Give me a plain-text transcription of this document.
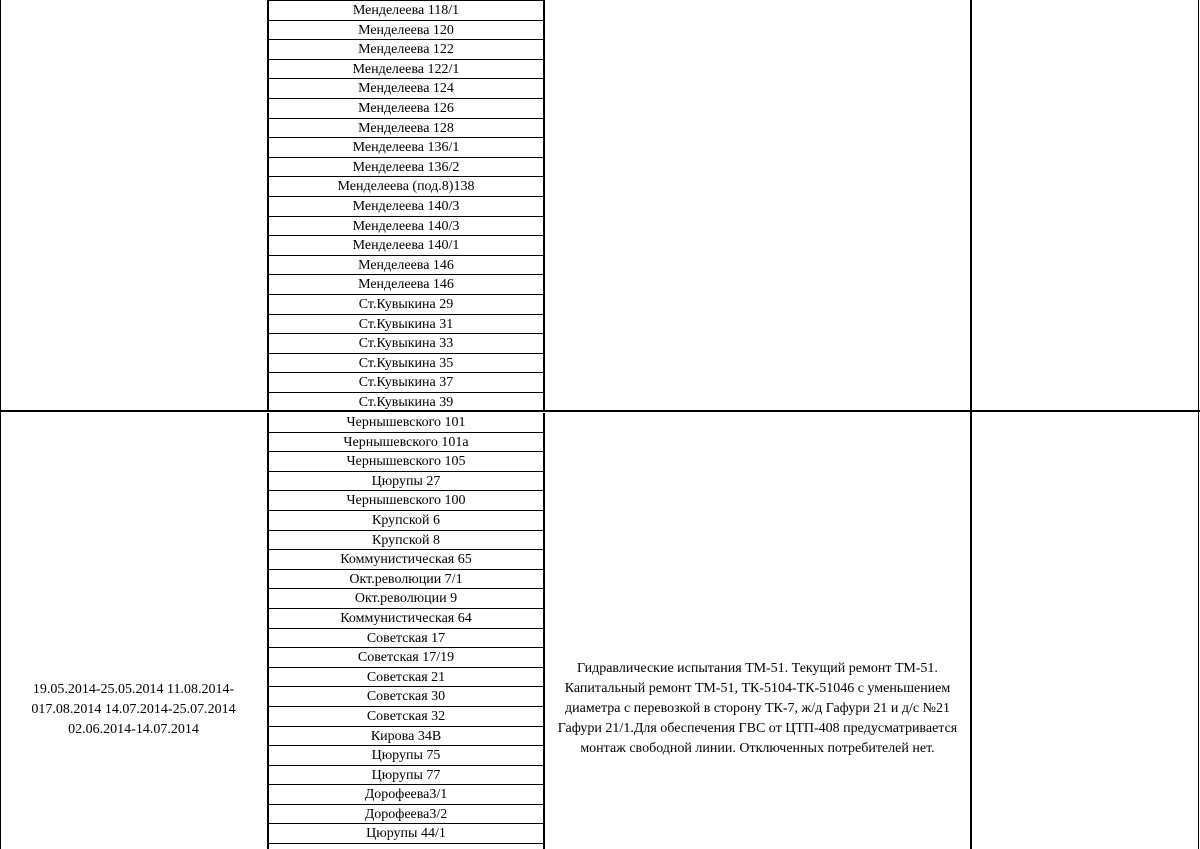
Менделеева 118/1
Менделеева 120
Менделеева 122
Менделеева 122/1
Менделеева 124
Менделеева 126
Менделеева 128
Менделеева 136/1
Менделеева 136/2
Менделеева (под.8)138
Менделеева 140/3
Менделеева 140/3
Менделеева 140/1
Менделеева 146
Менделеева 146
Ст.Кувыкина 29
Ст.Кувыкина 31
Ст.Кувыкина 33
Ст.Кувыкина 35
Ст.Кувыкина 37
Ст.Кувыкина 39
19.05.2014-25.05.2014 11.08.2014-
017.08.2014 14.07.2014-25.07.2014
02.06.2014-14.07.2014
Чернышевского 101
Чернышевского 101а
Чернышевского 105
Цюрупы 27
Чернышевского 100
Крупской 6
Крупской 8
Коммунистическая 65
Окт.революции 7/1
Окт.революции 9
Коммунистическая 64
Советская 17
Советская 17/19
Советская 21
Советская 30
Советская 32
Кирова 34В
Цюрупы 75
Цюрупы 77
Дорофеева3/1
Дорофеева3/2
Цюрупы 44/1
Гидравлические испытания ТМ-51. Текущий ремонт ТМ-51.
Капитальный ремонт ТМ-51, ТК-5104-ТК-51046 с уменьшением
диаметра с перевозкой в сторону ТК-7, ж/д Гафури 21 и д/с №21
Гафури 21/1.Для обеспечения ГВС от ЦТП-408 предусматривается
монтаж свободной линии. Отключенных потребителей нет.
